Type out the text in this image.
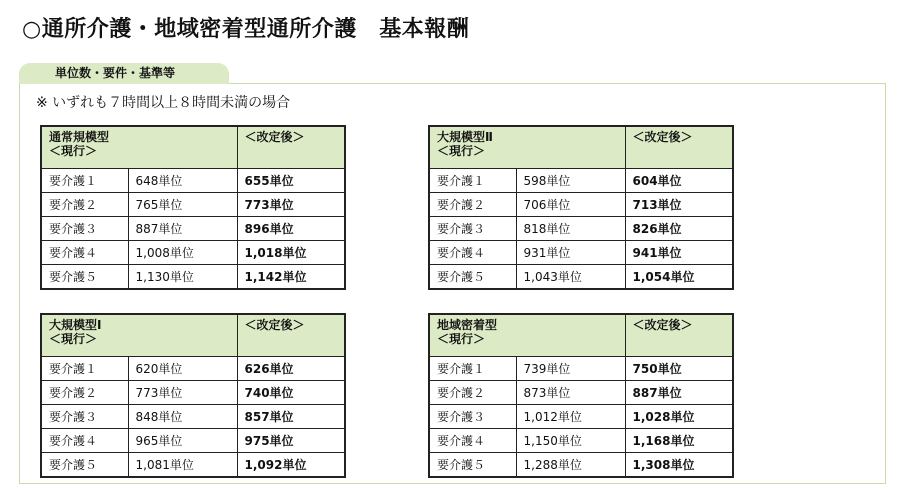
○通所介護・地域密着型通所介護　基本報酬
単位数・要件・基準等
※ いずれも７時間以上８時間未満の場合
通常規模型
＜現行＞		＜改定後＞
要介護１	648単位	655単位
要介護２	765単位	773単位
要介護３	887単位	896単位
要介護４	1,008単位	1,018単位
要介護５	1,130単位	1,142単位
大規模型Ⅱ
＜現行＞		＜改定後＞
要介護１	598単位	604単位
要介護２	706単位	713単位
要介護３	818単位	826単位
要介護４	931単位	941単位
要介護５	1,043単位	1,054単位
大規模型Ⅰ
＜現行＞		＜改定後＞
要介護１	620単位	626単位
要介護２	773単位	740単位
要介護３	848単位	857単位
要介護４	965単位	975単位
要介護５	1,081単位	1,092単位
地域密着型
＜現行＞		＜改定後＞
要介護１	739単位	750単位
要介護２	873単位	887単位
要介護３	1,012単位	1,028単位
要介護４	1,150単位	1,168単位
要介護５	1,288単位	1,308単位
